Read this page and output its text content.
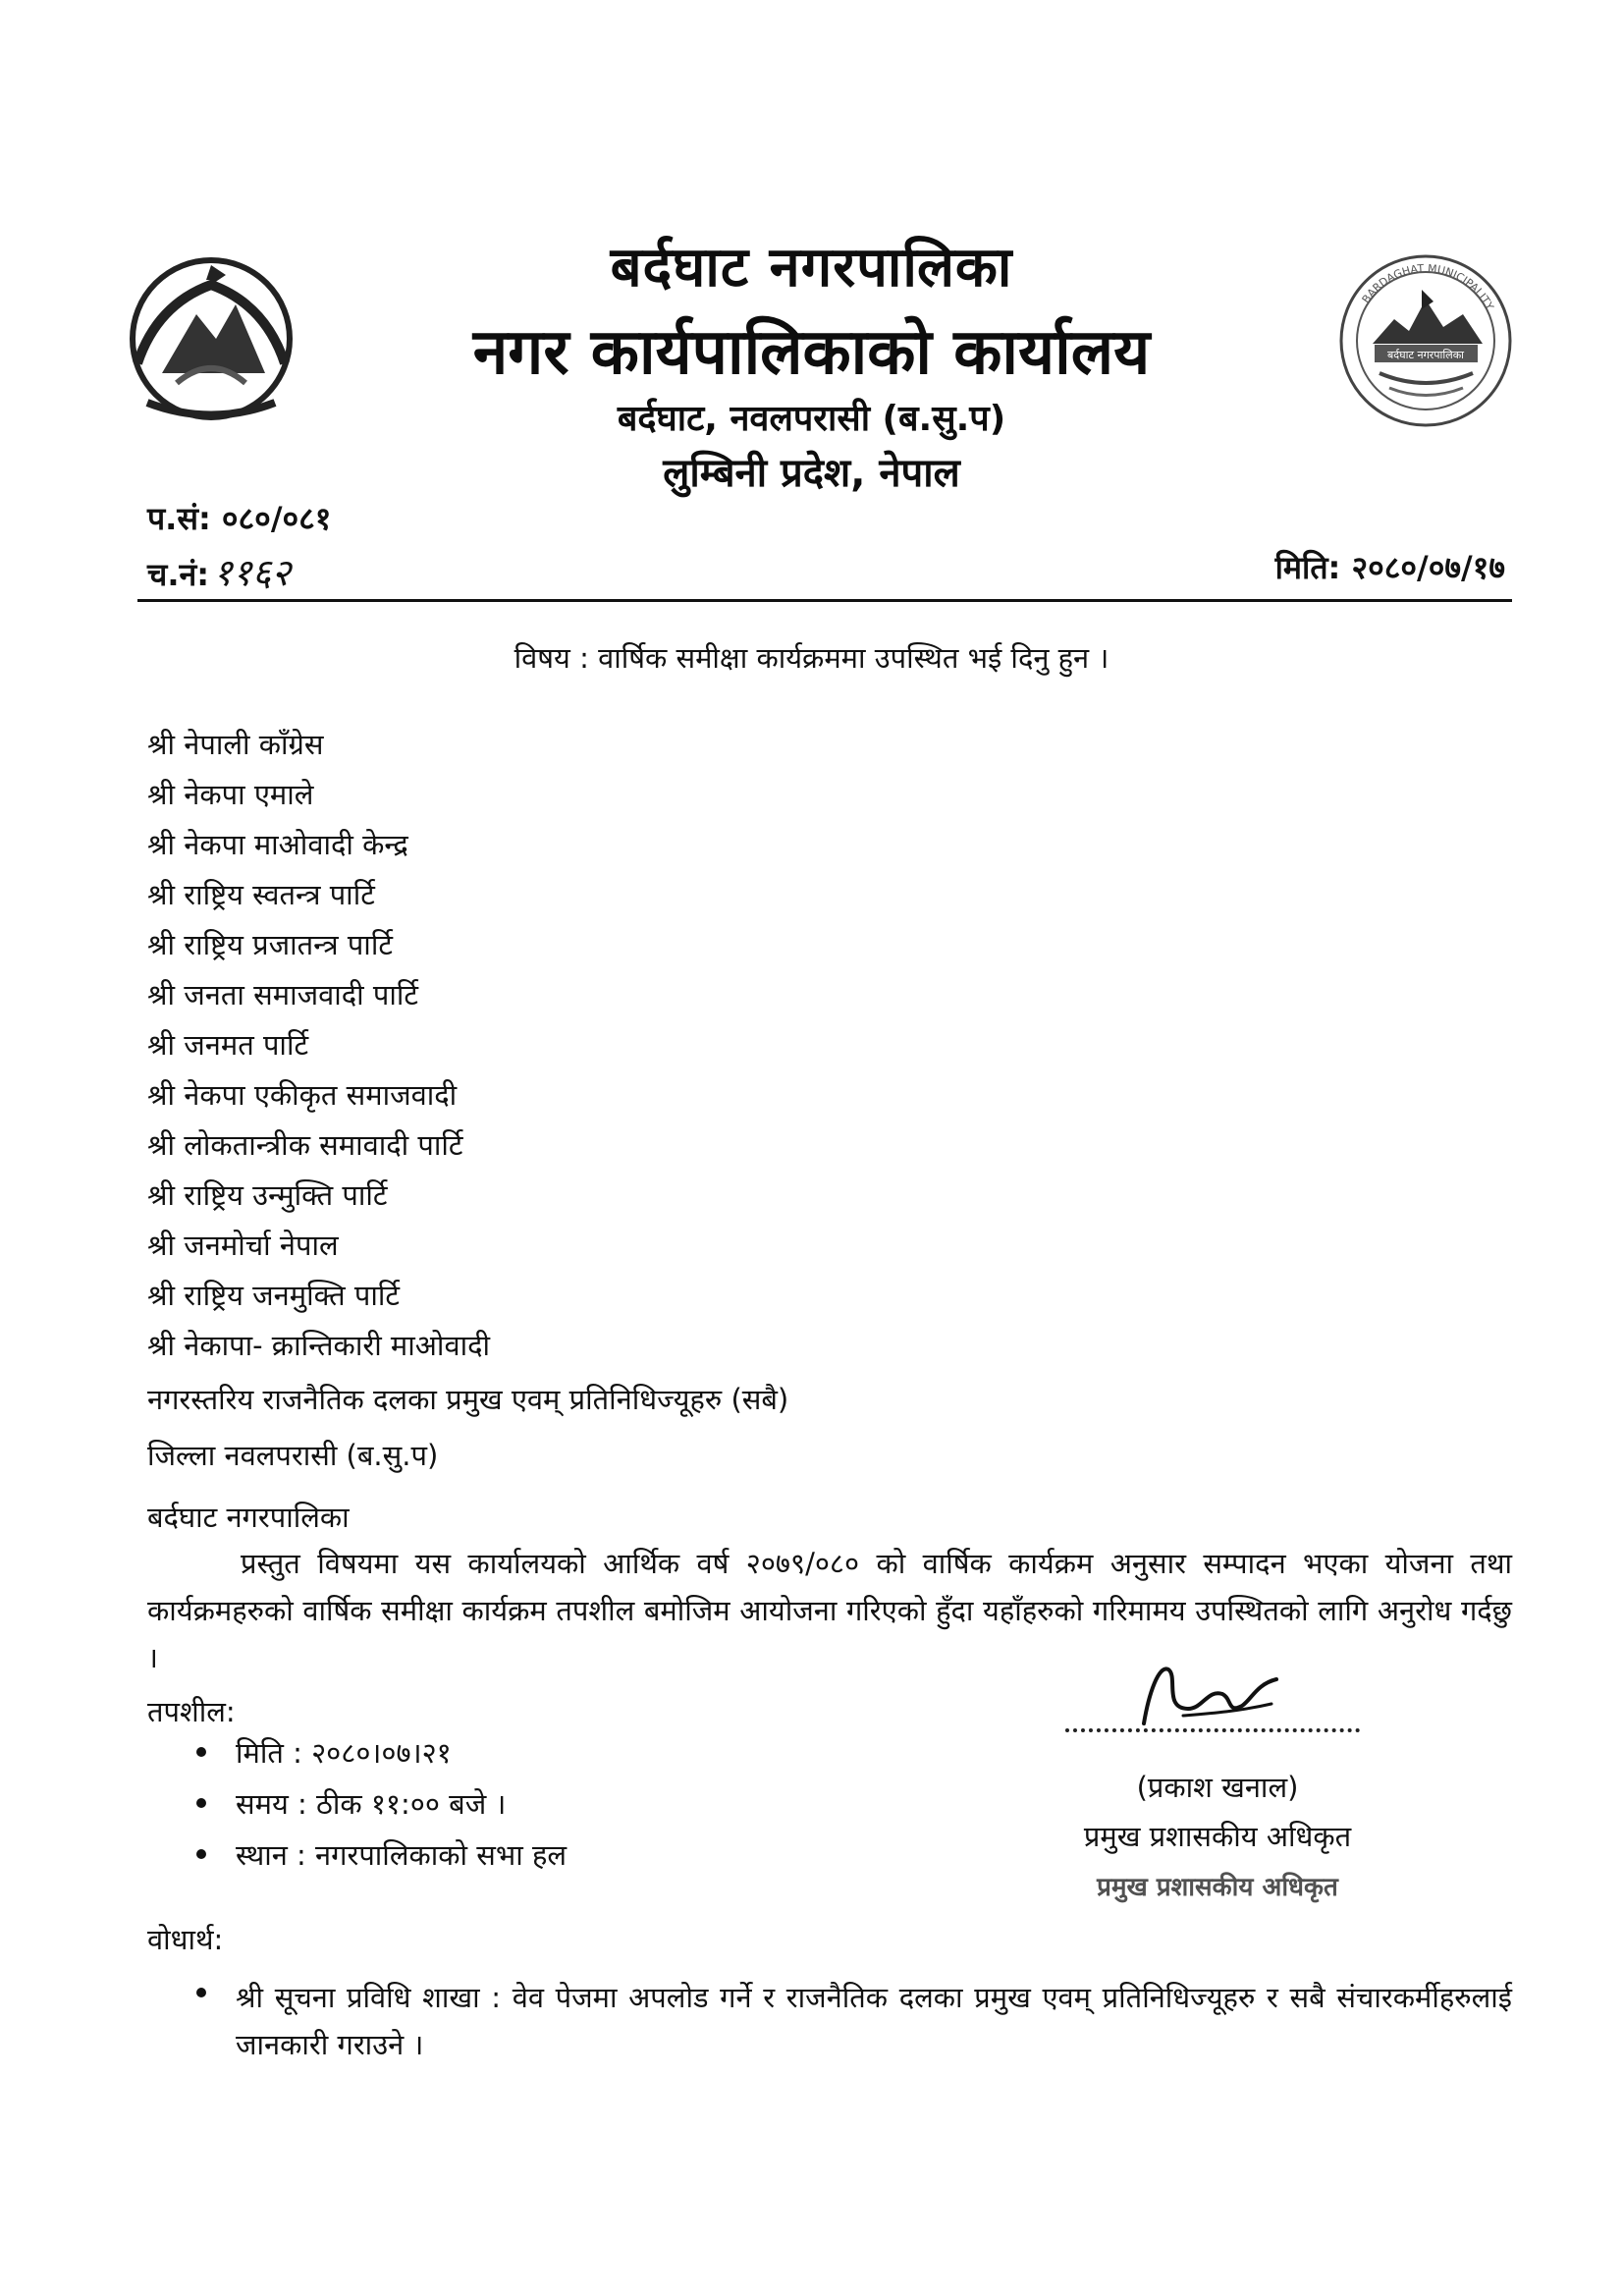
BARDAGHAT MUNICIPALITY
बर्दघाट नगरपालिका
बर्दघाट नगरपालिका
नगर कार्यपालिकाको कार्यालय
बर्दघाट, नवलपरासी (ब.सु.प)
लुम्बिनी प्रदेश, नेपाल
प.सं: ०८०/०८१
च.नं: ११६२	मिति: २०८०/०७/१७
विषय : वार्षिक समीक्षा कार्यक्रममा उपस्थित भई दिनु हुन ।
श्री नेपाली काँग्रेस
श्री नेकपा एमाले
श्री नेकपा माओवादी केन्द्र
श्री राष्ट्रिय स्वतन्त्र पार्टि
श्री राष्ट्रिय प्रजातन्त्र पार्टि
श्री जनता समाजवादी पार्टि
श्री जनमत पार्टि
श्री नेकपा एकीकृत समाजवादी
श्री लोकतान्त्रीक समावादी पार्टि
श्री राष्ट्रिय उन्मुक्ति पार्टि
श्री जनमोर्चा नेपाल
श्री राष्ट्रिय जनमुक्ति पार्टि
श्री नेकापा- क्रान्तिकारी माओवादी
नगरस्तरिय राजनैतिक दलका प्रमुख एवम् प्रतिनिधिज्यूहरु (सबै)
जिल्ला नवलपरासी (ब.सु.प)
बर्दघाट नगरपालिका
प्रस्तुत विषयमा यस कार्यालयको आर्थिक वर्ष २०७९/०८० को वार्षिक कार्यक्रम अनुसार सम्पादन भएका योजना तथा कार्यक्रमहरुको वार्षिक समीक्षा कार्यक्रम तपशील बमोजिम आयोजना गरिएको हुँदा यहाँहरुको गरिमामय उपस्थितको लागि अनुरोध गर्दछु ।
तपशील:
मिति : २०८०।०७।२१
समय : ठीक ११:०० बजे ।
स्थान : नगरपालिकाको सभा हल
(प्रकाश खनाल)
प्रमुख प्रशासकीय अधिकृत
प्रमुख प्रशासकीय अधिकृत
वोधार्थ:
श्री सूचना प्रविधि शाखा : वेव पेजमा अपलोड गर्ने र राजनैतिक दलका प्रमुख एवम् प्रतिनिधिज्यूहरु र सबै संचारकर्मीहरुलाई जानकारी गराउने ।
